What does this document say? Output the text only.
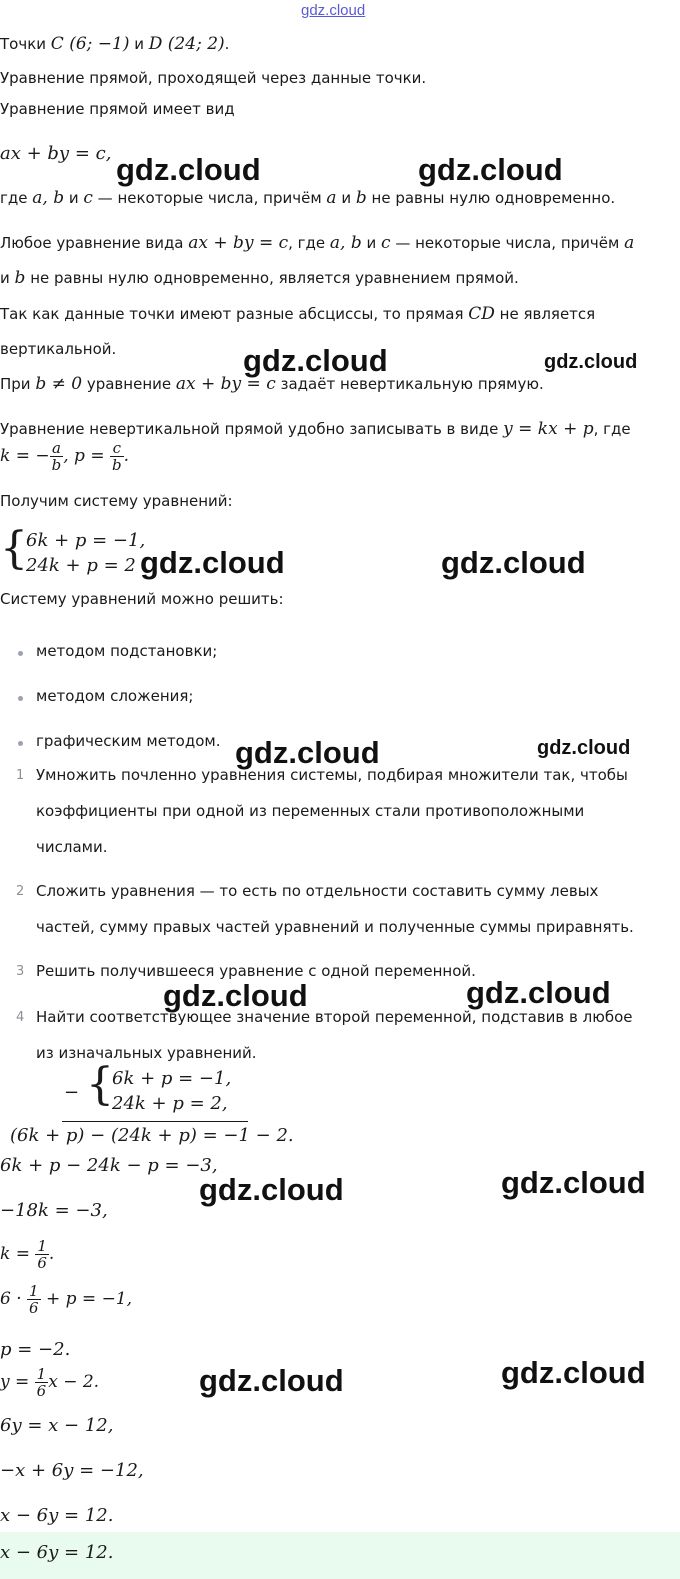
gdz.cloud
Точки C (6; −1) и D (24; 2).
Уравнение прямой, проходящей через данные точки.
Уравнение прямой имеет вид
ax + by = c,
где a, b и c — некоторые числа, причём a и b не равны нулю одновременно.
Любое уравнение вида ax + by = c, где a, b и c — некоторые числа, причём a
и b не равны нулю одновременно, является уравнением прямой.
Так как данные точки имеют разные абсциссы, то прямая CD не является
вертикальной.
При b ≠ 0 уравнение ax + by = c задаёт невертикальную прямую.
Уравнение невертикальной прямой удобно записывать в виде y = kx + p, где
k = − $\frac{a}{b}$ , $p = \frac{c}{b}$ .
Получим систему уравнений:
{
6k + p = −1,
24k + p = 2
Систему уравнений можно решить:
методом подстановки;
методом сложения;
графическим методом.
1 Умножить почленно уравнения системы, подбирая множители так, чтобы
коэффициенты при одной из переменных стали противоположными
числами.
2 Сложить уравнения — то есть по отдельности составить сумму левых
частей, сумму правых частей уравнений и полученные суммы приравнять.
3 Решить получившееся уравнение с одной переменной.
4 Найти соответствующее значение второй переменной, подставив в любое
из изначальных уравнений.
− {
6k + p = −1,
24k + p = 2,
(6k + p) − (24k + p) = −1 − 2.
6k + p − 24k − p = −3,
−18k = −3,
$k = \frac{1}{6}$ .
$6 \cdot \frac{1}{6} + p = -1$,
p = −2.
$y = \frac{1}{6}$ x − 2.
6y = x − 12,
−x + 6y = −12,
x − 6y = 12.
x − 6y = 12.
gdz.cloud	gdz.cloud
gdz.cloud	gdz.cloud
gdz.cloud	gdz.cloud
gdz.cloud	gdz.cloud
gdz.cloud	gdz.cloud
gdz.cloud	gdz.cloud
gdz.cloud	gdz.cloud
